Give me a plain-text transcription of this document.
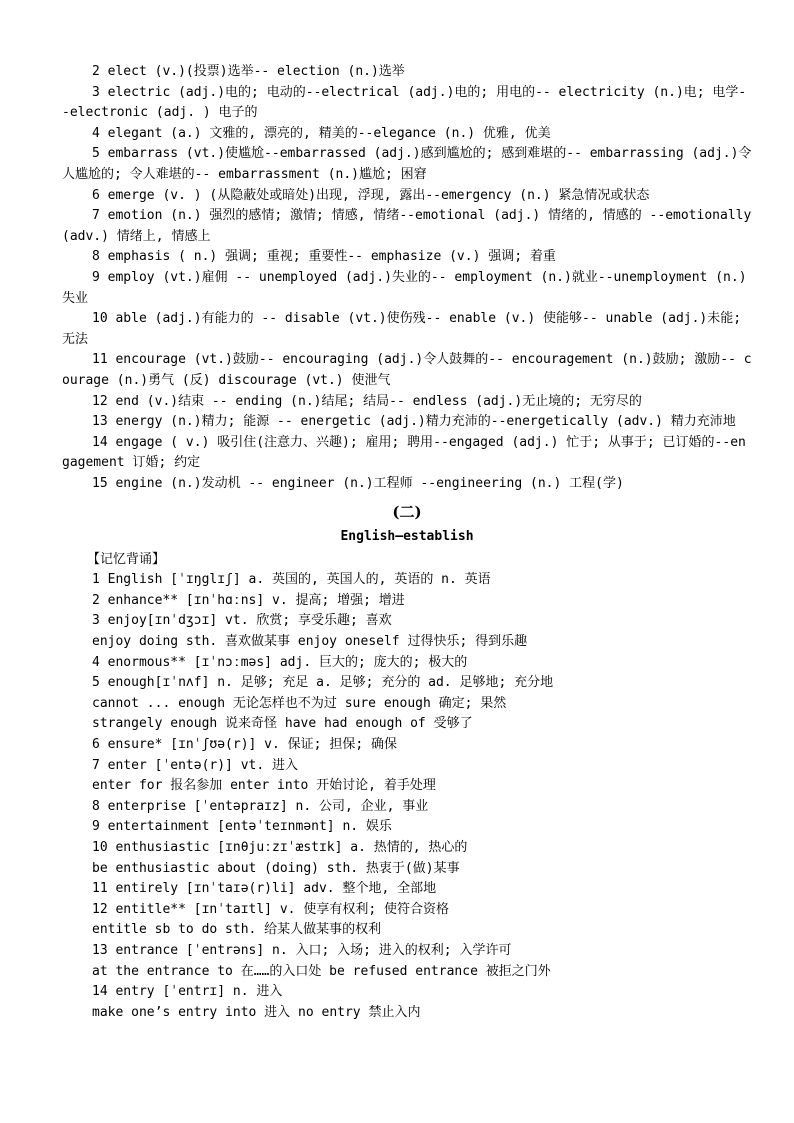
2 elect (v.)(投票)选举-- election (n.)选举

3 electric (adj.)电的; 电动的--electrical (adj.)电的; 用电的-- electricity (n.)电; 电学--electronic (adj. ) 电子的

4 elegant (a.) 文雅的, 漂亮的, 精美的--elegance (n.) 优雅, 优美

5 embarrass (vt.)使尴尬--embarrassed (adj.)感到尴尬的; 感到难堪的-- embarrassing (adj.)令人尴尬的; 令人难堪的-- embarrassment (n.)尴尬; 困窘

6 emerge (v. ) (从隐蔽处或暗处)出现, 浮现, 露出--emergency (n.) 紧急情况或状态

7 emotion (n.) 强烈的感情; 激情; 情感, 情绪--emotional (adj.) 情绪的, 情感的 --emotionally (adv.) 情绪上, 情感上

8 emphasis ( n.) 强调; 重视; 重要性-- emphasize (v.) 强调; 着重

9 employ (vt.)雇佣 -- unemployed (adj.)失业的-- employment (n.)就业--unemployment (n.)失业

10 able (adj.)有能力的 -- disable (vt.)使伤残-- enable (v.) 使能够-- unable (adj.)未能;无法

11 encourage (vt.)鼓励-- encouraging (adj.)令人鼓舞的-- encouragement (n.)鼓励; 激励-- courage (n.)勇气 (反) discourage (vt.) 使泄气

12 end (v.)结束 -- ending (n.)结尾; 结局-- endless (adj.)无止境的; 无穷尽的

13 energy (n.)精力; 能源 -- energetic (adj.)精力充沛的--energetically (adv.) 精力充沛地

14 engage ( v.) 吸引住(注意力、兴趣); 雇用; 聘用--engaged (adj.) 忙于; 从事于; 已订婚的--engagement 订婚; 约定

15 engine (n.)发动机 -- engineer (n.)工程师 --engineering (n.) 工程(学)

(二)

English—establish

【记忆背诵】

1 English [ˈɪŋglɪʃ] a. 英国的, 英国人的, 英语的 n. 英语

2 enhance** [ɪnˈhɑːns] v. 提高; 增强; 增进

3 enjoy[ɪnˈdʒɔɪ] vt. 欣赏; 享受乐趣; 喜欢

enjoy doing sth. 喜欢做某事 enjoy oneself 过得快乐; 得到乐趣

4 enormous** [ɪˈnɔːməs] adj. 巨大的; 庞大的; 极大的

5 enough[ɪˈnʌf] n. 足够; 充足 a. 足够; 充分的 ad. 足够地; 充分地

cannot ... enough 无论怎样也不为过 sure enough 确定; 果然

strangely enough 说来奇怪 have had enough of 受够了

6 ensure* [ɪnˈʃʊə(r)] v. 保证; 担保; 确保

7 enter [ˈentə(r)] vt. 进入

enter for 报名参加 enter into 开始讨论, 着手处理

8 enterprise [ˈentəpraɪz] n. 公司, 企业, 事业

9 entertainment [entəˈteɪnmənt] n. 娱乐

10 enthusiastic [ɪnθjuːzɪˈæstɪk] a. 热情的, 热心的

be enthusiastic about (doing) sth. 热衷于(做)某事

11 entirely [ɪnˈtaɪə(r)li] adv. 整个地, 全部地

12 entitle** [ɪnˈtaɪtl] v. 使享有权利; 使符合资格

entitle sb to do sth. 给某人做某事的权利

13 entrance [ˈentrəns] n. 入口; 入场; 进入的权利; 入学许可

at the entrance to 在……的入口处 be refused entrance 被拒之门外

14 entry [ˈentrɪ] n. 进入

make one’s entry into 进入 no entry 禁止入内
